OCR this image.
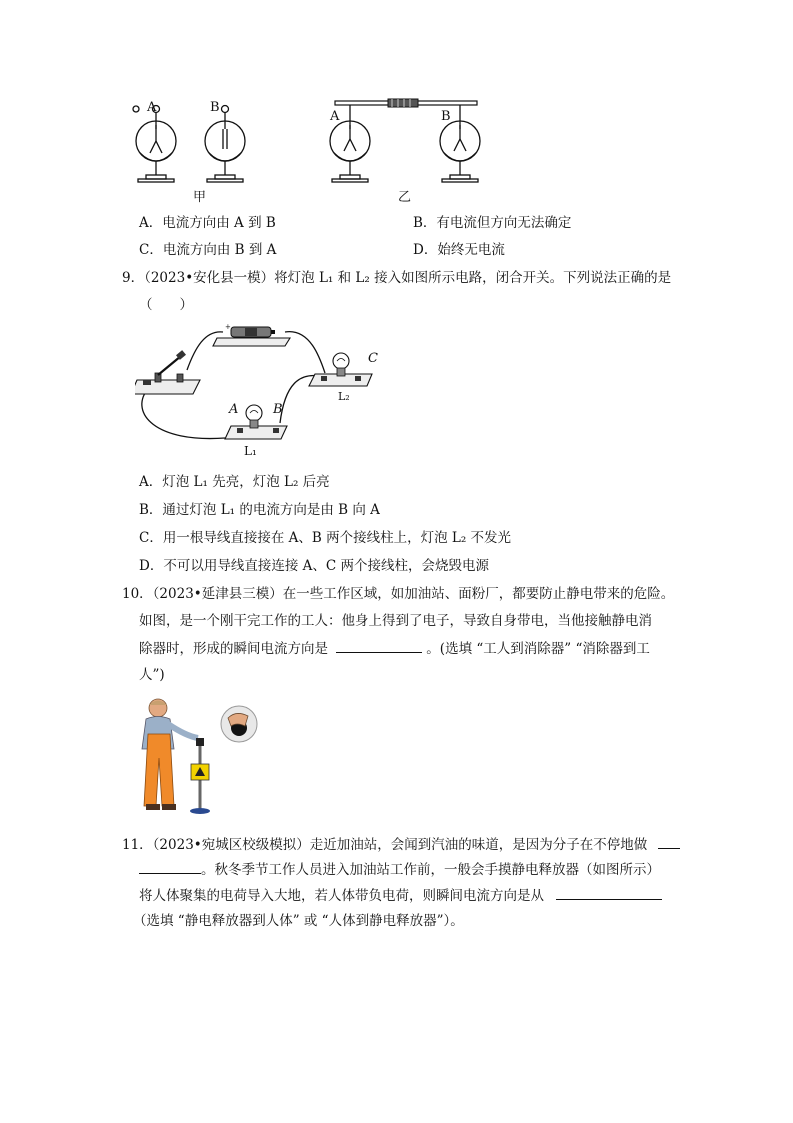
A	B
甲
A	B
乙
A．电流方向由 A 到 B	B．有电流但方向无法确定
C．电流方向由 B 到 A	D．始终无电流
9．（2023•安化县一模）将灯泡 L₁ 和 L₂ 接入如图所示电路，闭合开关。下列说法正确的是
（　　）
+
A	B
C
L₂
L₁
A．灯泡 L₁ 先亮，灯泡 L₂ 后亮
B．通过灯泡 L₁ 的电流方向是由 B 向 A
C．用一根导线直接接在 A、B 两个接线柱上，灯泡 L₂ 不发光
D．不可以用导线直接连接 A、C 两个接线柱，会烧毁电源
10．（2023•延津县三模）在一些工作区域，如加油站、面粉厂，都要防止静电带来的危险。
如图，是一个刚干完工作的工人：他身上得到了电子，导致自身带电，当他接触静电消
除器时，形成的瞬间电流方向是	。(选填 “工人到消除器” “消除器到工
人”)
11．（2023•宛城区校级模拟）走近加油站，会闻到汽油的味道，是因为分子在不停地做
。秋冬季节工作人员进入加油站工作前，一般会手摸静电释放器（如图所示）
将人体聚集的电荷导入大地，若人体带负电荷，则瞬间电流方向是从
（选填 “静电释放器到人体” 或 “人体到静电释放器”）。
